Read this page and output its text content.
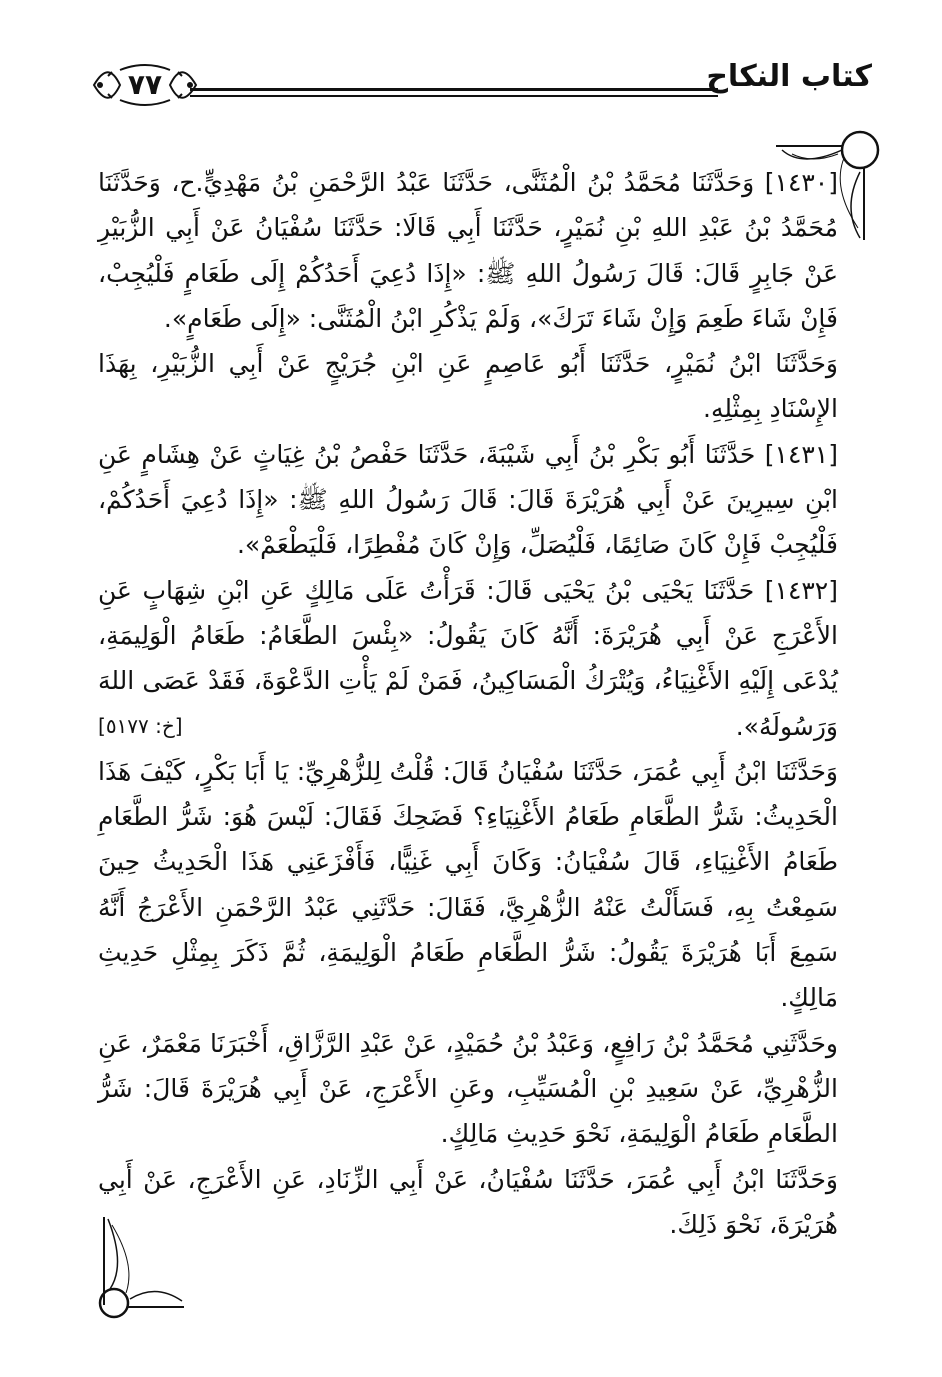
كتاب النكاح
٧٧

[١٤٣٠] وَحَدَّثَنَا مُحَمَّدُ بْنُ الْمُثَنَّى، حَدَّثَنَا عَبْدُ الرَّحْمَنِ بْنُ مَهْدِيٍّ.ح، وَحَدَّثَنَا مُحَمَّدُ بْنُ عَبْدِ اللهِ بْنِ نُمَيْرٍ، حَدَّثَنَا أَبِي قَالَا: حَدَّثَنَا سُفْيَانُ عَنْ أَبِي الزُّبَيْرِ عَنْ جَابِرٍ قَالَ: قَالَ رَسُولُ اللهِ ﷺ: «إِذَا دُعِيَ أَحَدُكُمْ إِلَى طَعَامٍ فَلْيُجِبْ، فَإِنْ شَاءَ طَعِمَ وَإِنْ شَاءَ تَرَكَ»، وَلَمْ يَذْكُرِ ابْنُ الْمُثَنَّى: «إِلَى طَعَامٍ».

وَحَدَّثَنَا ابْنُ نُمَيْرٍ، حَدَّثَنَا أَبُو عَاصِمٍ عَنِ ابْنِ جُرَيْجٍ عَنْ أَبِي الزُّبَيْرِ، بِهَذَا الإِسْنَادِ بِمِثْلِهِ.

[١٤٣١] حَدَّثَنَا أَبُو بَكْرِ بْنُ أَبِي شَيْبَةَ، حَدَّثَنَا حَفْصُ بْنُ غِيَاثٍ عَنْ هِشَامٍ عَنِ ابْنِ سِيرِينَ عَنْ أَبِي هُرَيْرَةَ قَالَ: قَالَ رَسُولُ اللهِ ﷺ: «إِذَا دُعِيَ أَحَدُكُمْ، فَلْيُجِبْ فَإِنْ كَانَ صَائِمًا، فَلْيُصَلِّ، وَإِنْ كَانَ مُفْطِرًا، فَلْيَطْعَمْ».

[١٤٣٢] حَدَّثَنَا يَحْيَى بْنُ يَحْيَى قَالَ: قَرَأْتُ عَلَى مَالِكٍ عَنِ ابْنِ شِهَابٍ عَنِ الأَعْرَجِ عَنْ أَبِي هُرَيْرَةَ: أَنَّهُ كَانَ يَقُولُ: «بِئْسَ الطَّعَامُ: طَعَامُ الْوَلِيمَةِ، يُدْعَى إِلَيْهِ الأَغْنِيَاءُ، وَيُتْرَكُ الْمَسَاكِينُ، فَمَنْ لَمْ يَأْتِ الدَّعْوَةَ، فَقَدْ عَصَى اللهَ وَرَسُولَهُ».
[خ: ٥١٧٧]

وَحَدَّثَنَا ابْنُ أَبِي عُمَرَ، حَدَّثَنَا سُفْيَانُ قَالَ: قُلْتُ لِلزُّهْرِيِّ: يَا أَبَا بَكْرٍ، كَيْفَ هَذَا الْحَدِيثُ: شَرُّ الطَّعَامِ طَعَامُ الأَغْنِيَاءِ؟ فَضَحِكَ فَقَالَ: لَيْسَ هُوَ: شَرُّ الطَّعَامِ طَعَامُ الأَغْنِيَاءِ، قَالَ سُفْيَانُ: وَكَانَ أَبِي غَنِيًّا، فَأَفْزَعَنِي هَذَا الْحَدِيثُ حِينَ سَمِعْتُ بِهِ، فَسَأَلْتُ عَنْهُ الزُّهْرِيَّ، فَقَالَ: حَدَّثَنِي عَبْدُ الرَّحْمَنِ الأَعْرَجُ أَنَّهُ سَمِعَ أَبَا هُرَيْرَةَ يَقُولُ: شَرُّ الطَّعَامِ طَعَامُ الْوَلِيمَةِ، ثُمَّ ذَكَرَ بِمِثْلِ حَدِيثِ مَالِكٍ.

وحَدَّثَنِي مُحَمَّدُ بْنُ رَافِعٍ، وَعَبْدُ بْنُ حُمَيْدٍ، عَنْ عَبْدِ الرَّزَّاقِ، أَخْبَرَنَا مَعْمَرٌ، عَنِ الزُّهْرِيِّ، عَنْ سَعِيدِ بْنِ الْمُسَيِّبِ، وعَنِ الأَعْرَجِ، عَنْ أَبِي هُرَيْرَةَ قَالَ: شَرُّ الطَّعَامِ طَعَامُ الْوَلِيمَةِ، نَحْوَ حَدِيثِ مَالِكٍ.

وَحَدَّثَنَا ابْنُ أَبِي عُمَرَ، حَدَّثَنَا سُفْيَانُ، عَنْ أَبِي الزِّنَادِ، عَنِ الأَعْرَجِ، عَنْ أَبِي هُرَيْرَةَ، نَحْوَ ذَلِكَ.
